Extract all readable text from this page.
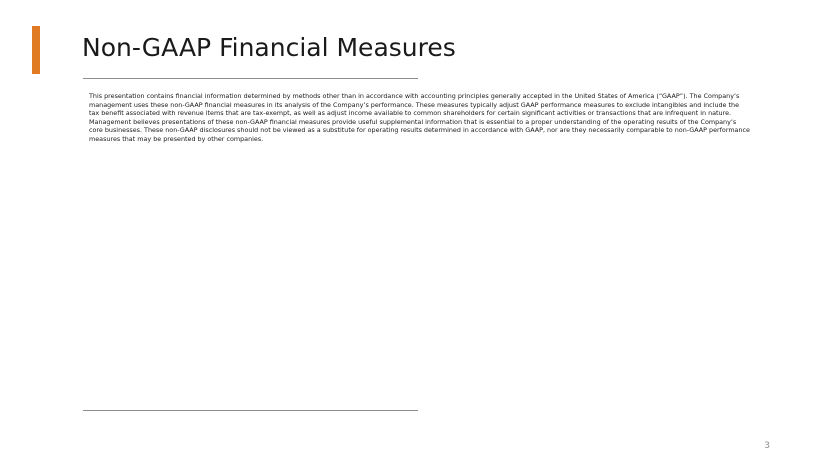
Non-GAAP Financial Measures

This presentation contains financial information determined by methods other than in accordance with accounting principles generally accepted in the United States of America (“GAAP”). The Company’s management uses these non-GAAP financial measures in its analysis of the Company’s performance. These measures typically adjust GAAP performance measures to exclude intangibles and include the tax benefit associated with revenue items that are tax-exempt, as well as adjust income available to common shareholders for certain significant activities or transactions that are infrequent in nature. Management believes presentations of these non-GAAP financial measures provide useful supplemental information that is essential to a proper understanding of the operating results of the Company’s core businesses. These non-GAAP disclosures should not be viewed as a substitute for operating results determined in accordance with GAAP, nor are they necessarily comparable to non-GAAP performance measures that may be presented by other companies.

3
